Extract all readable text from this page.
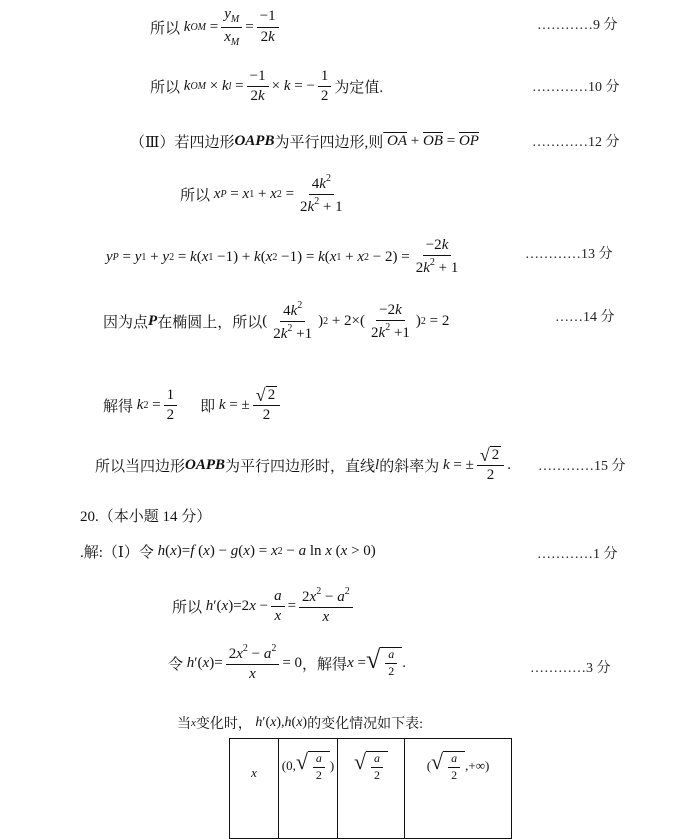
所以 k OM = $\frac{y_M}{x_M} = \frac{-1}{2k}$	…………9 分
所以 k OM × k $l = \frac{-1}{2k} \times k$ = − $\frac{1}{2}$ 为定值.	…………10 分
（Ⅲ）若四边形 OAPB 为平行四边形,则 OA + $\overline{OB} = \overline{OP}$	…………12 分
所以 x P = x 1 + x $2 = \frac{4k^2}{2k^2 + 1}$
y P = y 1 + y 2 = k ( x 1 −1) + k ( x 2 −1) = k ( x 1 + x $2 - 2) = \frac{-2k}{2k^2 + 1}$	…………13 分
因为点 P 在椭圆上，所以 ( $\frac{4k^2}{2k^2 +1}$ ) $2 + 2\times( \frac{-2k}{2k^2 +1}$ ) 2 = 2	……14 分
解得 k $2 = \frac{1}{2}$ 即 k = ± $\frac{√ 2}{2}$
所以当四边形 OAPB 为平行四边形时，直线 l 的斜率为 k = ± $\frac{√ 2}{2}$ . …………15 分
20.（本小题 14 分）
.解:（Ⅰ）令 h ( x )= f ( x ) − g ( x ) = x 2 − a ln x ( x > 0)	…………1 分
所以 h ′( x )=2 $x - \frac{a}{x} = \frac{2x^2 - a^2}{x}$
令 h ′( x )= $\frac{2x^2 - a^2}{x} = 0$ ，解得 x = √ $\frac{a}{2}$ .	…………3 分
当 x 变化时， h ′( x ), h ( x ) 的变化情况如下表:
x	(0, √ $\frac{a}{2}$ )	√ $\frac{a}{2}$	( √ $\frac{a}{2}$ ,+∞)
